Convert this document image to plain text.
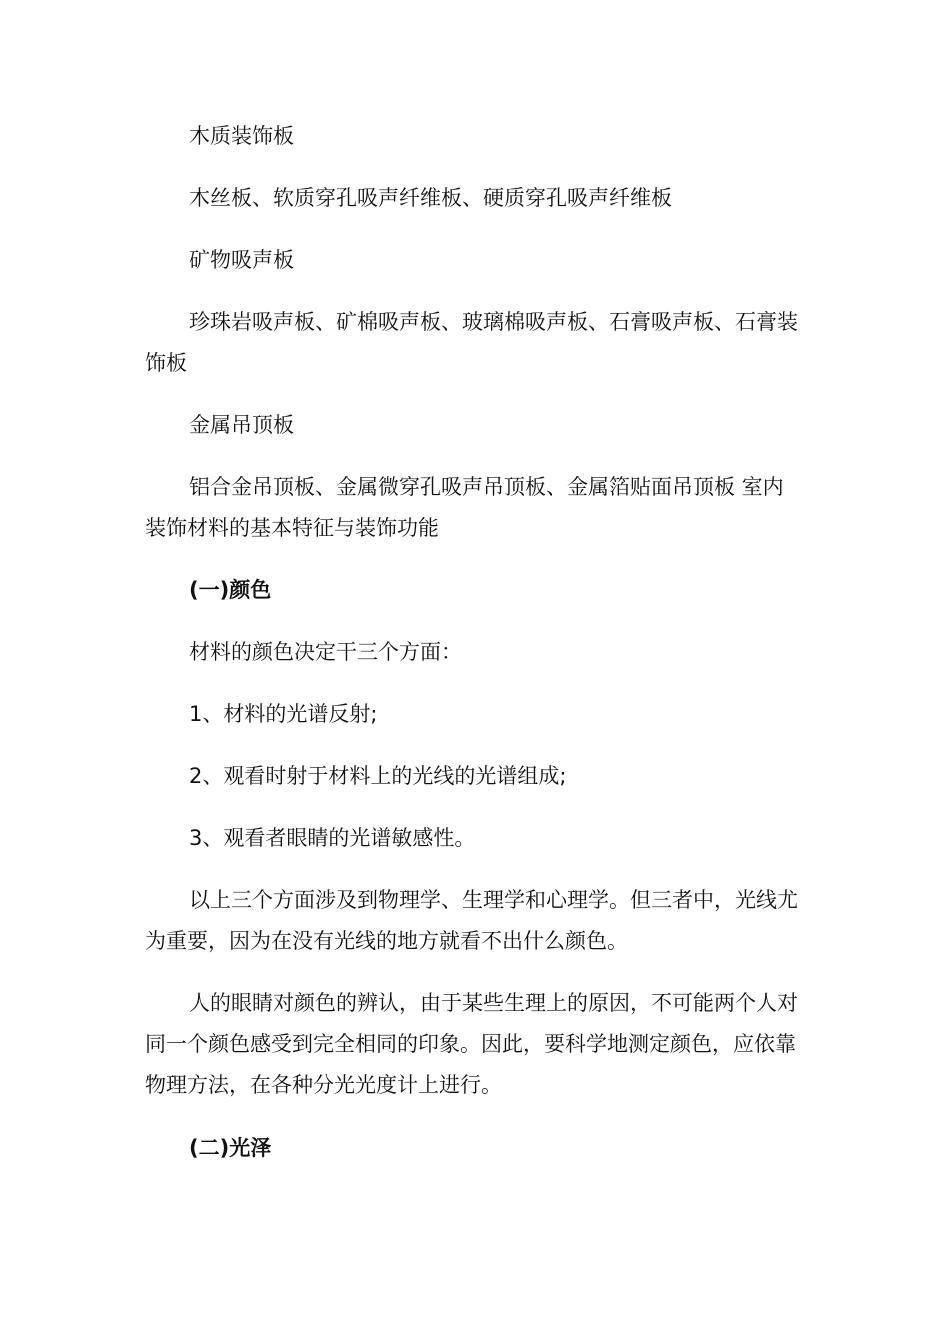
木质装饰板

木丝板、软质穿孔吸声纤维板、硬质穿孔吸声纤维板

矿物吸声板

珍珠岩吸声板、矿棉吸声板、玻璃棉吸声板、石膏吸声板、石膏装饰板

金属吊顶板

铝合金吊顶板、金属微穿孔吸声吊顶板、金属箔贴面吊顶板 室内装饰材料的基本特征与装饰功能

(一)颜色

材料的颜色决定干三个方面：

1、材料的光谱反射;

2、观看时射于材料上的光线的光谱组成;

3、观看者眼睛的光谱敏感性。

以上三个方面涉及到物理学、生理学和心理学。但三者中，光线尤为重要，因为在没有光线的地方就看不出什么颜色。

人的眼睛对颜色的辨认，由于某些生理上的原因，不可能两个人对同一个颜色感受到完全相同的印象。因此，要科学地测定颜色，应依靠物理方法，在各种分光光度计上进行。

(二)光泽
